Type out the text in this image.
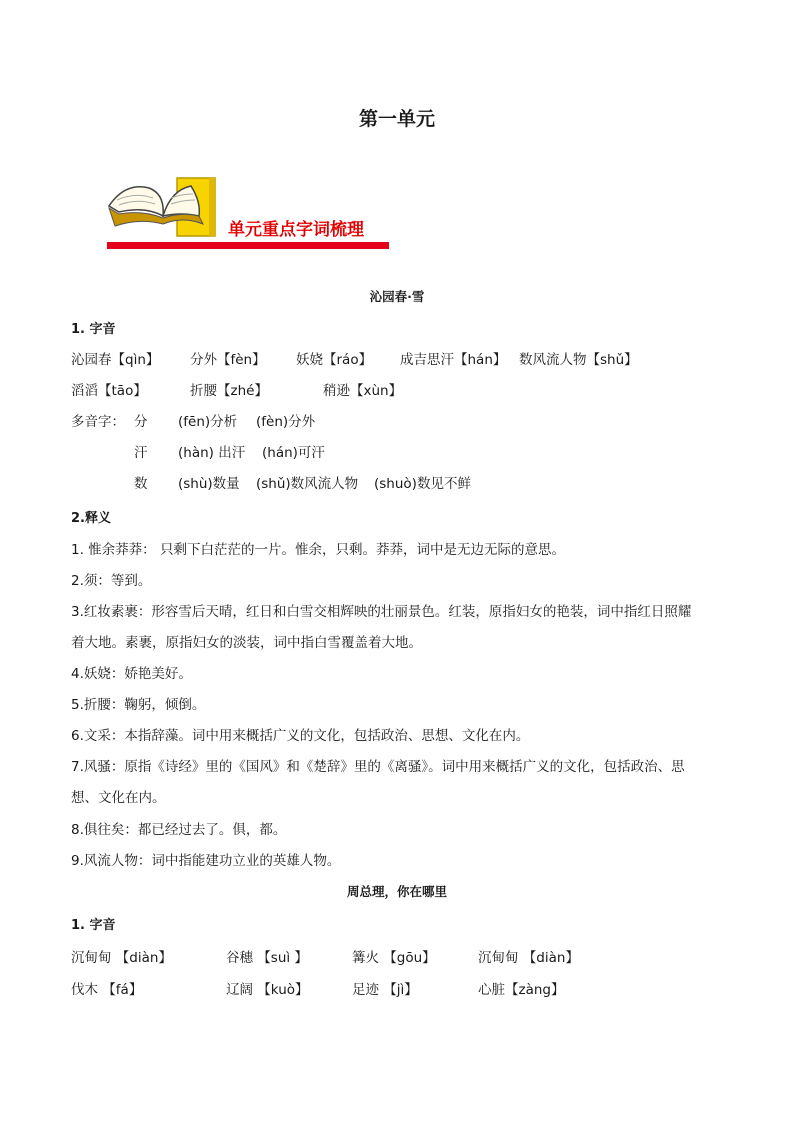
第一单元
单元重点字词梳理
沁园春·雪
1. 字音
沁园春【qìn】 分外【fèn】 妖娆【ráo】 成吉思汗【hán】 数风流人物【shǔ】
滔滔【tāo】	折腰【zhé】	稍逊【xùn】
多音字： 分 (fēn)分析 (fèn)分外
汗 (hàn) 出汗 (hán)可汗
数 (shù)数量 (shǔ)数风流人物 (shuò)数见不鲜
2.释义
1. 惟余莽莽： 只剩下白茫茫的一片。惟余，只剩。莽莽，词中是无边无际的意思。
2.须：等到。
3.红妆素裹：形容雪后天晴，红日和白雪交相辉映的壮丽景色。红装，原指妇女的艳装，词中指红日照耀
着大地。素裹，原指妇女的淡装，词中指白雪覆盖着大地。
4.妖娆：娇艳美好。
5.折腰：鞠躬，倾倒。
6.文采：本指辞藻。词中用来概括广义的文化，包括政治、思想、文化在内。
7.风骚：原指《诗经》里的《国风》和《楚辞》里的《离骚》。词中用来概括广义的文化，包括政治、思
想、文化在内。
8.俱往矣：都已经过去了。俱，都。
9.风流人物：词中指能建功立业的英雄人物。
周总理，你在哪里
1. 字音
沉甸甸 【diàn】	谷穗 【suì 】	篝火 【gōu】	沉甸甸 【diàn】
伐木 【fá】	辽阔 【kuò】	足迹 【jì】	心脏【zàng】
